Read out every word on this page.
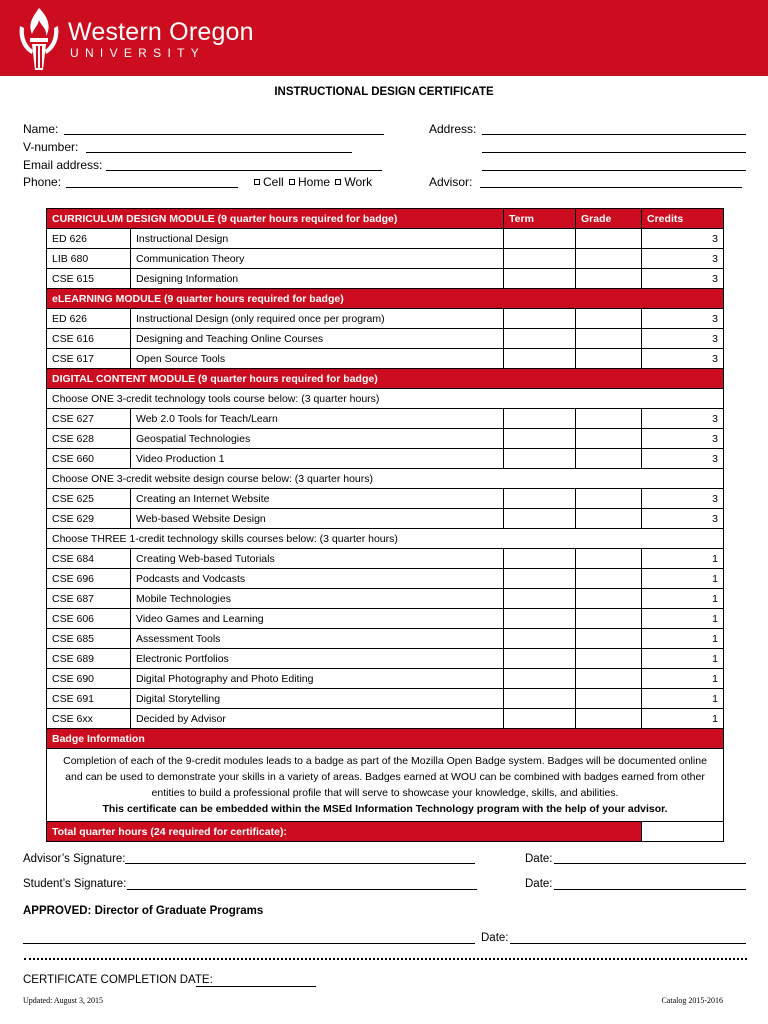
Western Oregon
UNIVERSITY
INSTRUCTIONAL DESIGN CERTIFICATE
Name:
V-number:
Email address:
Phone:	Cell Home Work
Address:
Advisor:
CURRICULUM DESIGN MODULE (9 quarter hours required for badge)		Term	Grade	Credits
ED 626	Instructional Design			3
LIB 680	Communication Theory			3
CSE 615	Designing Information			3
eLEARNING MODULE (9 quarter hours required for badge)				
ED 626	Instructional Design (only required once per program)			3
CSE 616	Designing and Teaching Online Courses			3
CSE 617	Open Source Tools			3
DIGITAL CONTENT MODULE (9 quarter hours required for badge)				
Choose ONE 3-credit technology tools course below: (3 quarter hours)				
CSE 627	Web 2.0 Tools for Teach/Learn			3
CSE 628	Geospatial Technologies			3
CSE 660	Video Production 1			3
Choose ONE 3-credit website design course below: (3 quarter hours)				
CSE 625	Creating an Internet Website			3
CSE 629	Web-based Website Design			3
Choose THREE 1-credit technology skills courses below: (3 quarter hours)				
CSE 684	Creating Web-based Tutorials			1
CSE 696	Podcasts and Vodcasts			1
CSE 687	Mobile Technologies			1
CSE 606	Video Games and Learning			1
CSE 685	Assessment Tools			1
CSE 689	Electronic Portfolios			1
CSE 690	Digital Photography and Photo Editing			1
CSE 691	Digital Storytelling			1
CSE 6xx	Decided by Advisor			1
Badge Information				

Completion of each of the 9-credit modules leads to a badge as part of the Mozilla Open Badge system. Badges will be documented online and can be used to demonstrate your skills in a variety of areas. Badges earned at WOU can be combined with badges earned from other entities to build a professional profile that will serve to showcase your knowledge, skills, and abilities.
This certificate can be embedded within the MSEd Information Technology program with the help of your advisor.				

Total quarter hours (24 required for certificate):				
Advisor’s Signature:	Date:
Student’s Signature:	Date:
APPROVED: Director of Graduate Programs
Date:
CERTIFICATE COMPLETION DATE:
Updated: August 3, 2015	Catalog 2015-2016
